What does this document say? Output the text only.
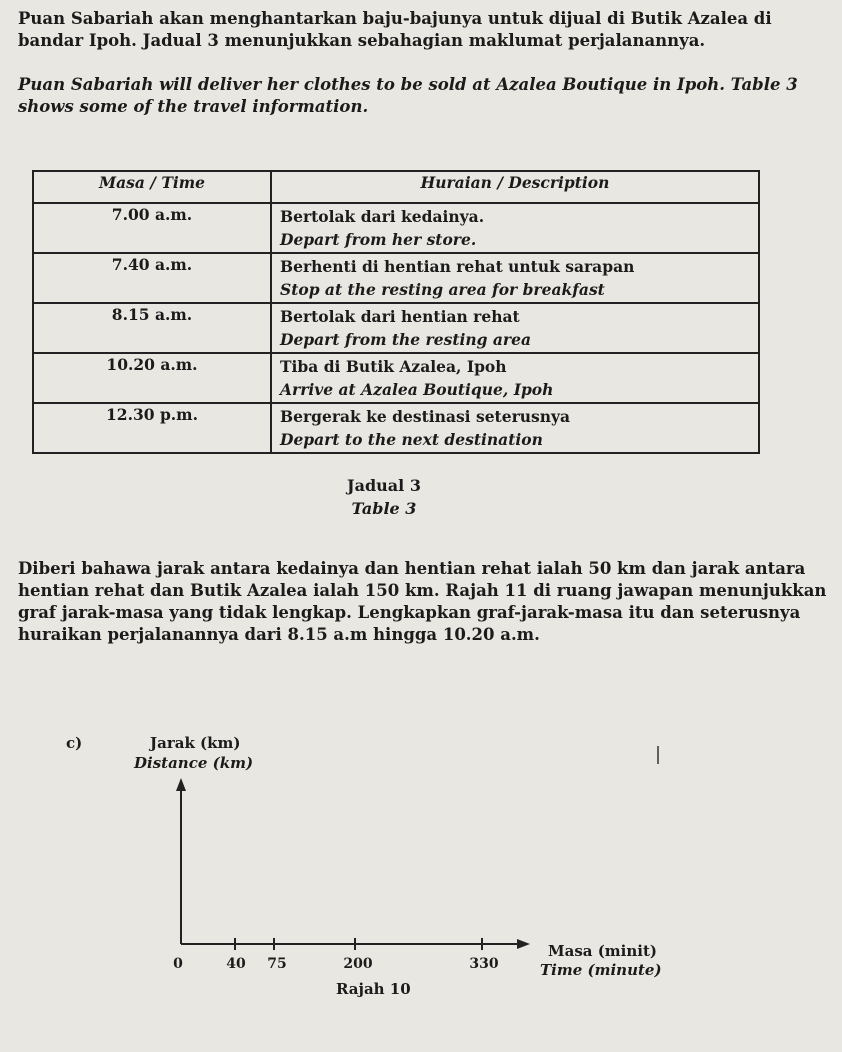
Puan Sabariah akan menghantarkan baju-bajunya untuk dijual di Butik Azalea di bandar Ipoh. Jadual 3 menunjukkan sebahagian maklumat perjalanannya.
Puan Sabariah will deliver her clothes to be sold at Azalea Boutique in Ipoh. Table 3 shows some of the travel information.
Masa / Time	Huraian / Description
7.00 a.m.	Bertolak dari kedainya.
Depart from her store.

7.40 a.m.	Berhenti di hentian rehat untuk sarapan
Stop at the resting area for breakfast

8.15 a.m.	Bertolak dari hentian rehat
Depart from the resting area

10.20 a.m.	Tiba di Butik Azalea, Ipoh
Arrive at Azalea Boutique, Ipoh

12.30 p.m.	Bergerak ke destinasi seterusnya
Depart to the next destination
Jadual 3
Table 3
Diberi bahawa jarak antara kedainya dan hentian rehat ialah 50 km dan jarak antara hentian rehat dan Butik Azalea ialah 150 km. Rajah 11 di ruang jawapan menunjukkan graf jarak-masa yang tidak lengkap. Lengkapkan graf-jarak-masa itu dan seterusnya huraikan perjalanannya dari 8.15 a.m hingga 10.20 a.m.
c)	Jarak (km)
Distance (km)
0	40 75	200	330
Masa (minit)
Time (minute)
Rajah 10
